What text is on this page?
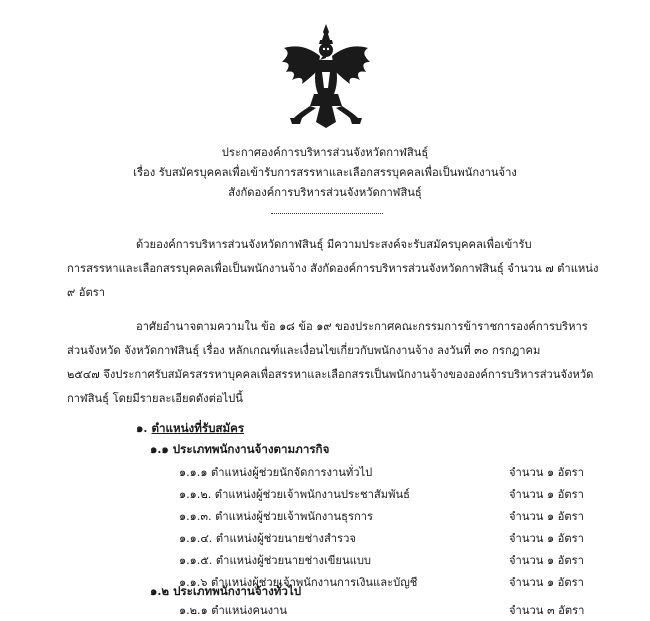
ประกาศองค์การบริหารส่วนจังหวัดกาฬสินธุ์
เรื่อง รับสมัครบุคคลเพื่อเข้ารับการสรรหาและเลือกสรรบุคคลเพื่อเป็นพนักงานจ้าง
สังกัดองค์การบริหารส่วนจังหวัดกาฬสินธุ์
ด้วยองค์การบริหารส่วนจังหวัดกาฬสินธุ์ มีความประสงค์จะรับสมัครบุคคลเพื่อเข้ารับ
การสรรหาและเลือกสรรบุคคลเพื่อเป็นพนักงานจ้าง สังกัดองค์การบริหารส่วนจังหวัดกาฬสินธุ์ จำนวน ๗ ตำแหน่ง
๙ อัตรา
อาศัยอำนาจตามความใน ข้อ ๑๘ ข้อ ๑๙ ของประกาศคณะกรรมการข้าราชการองค์การบริหาร
ส่วนจังหวัด จังหวัดกาฬสินธุ์ เรื่อง หลักเกณฑ์และเงื่อนไขเกี่ยวกับพนักงานจ้าง ลงวันที่ ๓๐ กรกฎาคม
๒๕๔๗ จึงประกาศรับสมัครสรรหาบุคคลเพื่อสรรหาและเลือกสรรเป็นพนักงานจ้างขององค์การบริหารส่วนจังหวัด
กาฬสินธุ์ โดยมีรายละเอียดดังต่อไปนี้
๑. ตำแหน่งที่รับสมัคร
๑.๑ ประเภทพนักงานจ้างตามภารกิจ
๑.๑.๑ ตำแหน่งผู้ช่วยนักจัดการงานทั่วไป	จำนวน ๑ อัตรา
๑.๑.๒. ตำแหน่งผู้ช่วยเจ้าพนักงานประชาสัมพันธ์	จำนวน ๑ อัตรา
๑.๑.๓. ตำแหน่งผู้ช่วยเจ้าพนักงานธุรการ	จำนวน ๑ อัตรา
๑.๑.๔. ตำแหน่งผู้ช่วยนายช่างสำรวจ	จำนวน ๑ อัตรา
๑.๑.๕. ตำแหน่งผู้ช่วยนายช่างเขียนแบบ	จำนวน ๑ อัตรา
๑.๑.๖ ตำแหน่งผู้ช่วยเจ้าพนักงานการเงินและบัญชี	จำนวน ๑ อัตรา
๑.๒ ประเภทพนักงานจ้างทั่วไป
๑.๒.๑ ตำแหน่งคนงาน	จำนวน ๓ อัตรา
